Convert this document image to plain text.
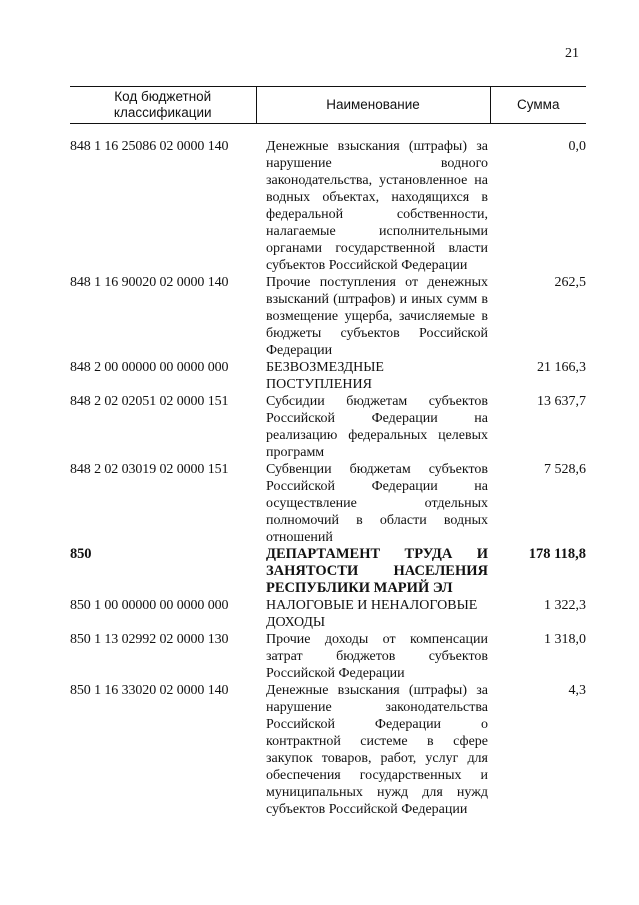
21
Код бюджетной классификации	Наименование	Сумма

848 1 16 25086 02 0000 140	Денежные взыскания (штрафы) за нарушение водного законодательства, установленное на водных объектах, находящихся в федеральной собственности, налагаемые исполнительными органами государственной власти субъектов Российской Федерации	0,0
848 1 16 90020 02 0000 140	Прочие поступления от денежных взысканий (штрафов) и иных сумм в возмещение ущерба, зачисляемые в бюджеты субъектов Российской Федерации	262,5
848 2 00 00000 00 0000 000	БЕЗВОЗМЕЗДНЫЕ ПОСТУПЛЕНИЯ	21 166,3
848 2 02 02051 02 0000 151	Субсидии бюджетам субъектов Российской Федерации на реализацию федеральных целевых программ	13 637,7
848 2 02 03019 02 0000 151	Субвенции бюджетам субъектов Российской Федерации на осуществление отдельных полномочий в области водных отношений	7 528,6
850	ДЕПАРТАМЕНТ ТРУДА И ЗАНЯТОСТИ НАСЕЛЕНИЯ РЕСПУБЛИКИ МАРИЙ ЭЛ	178 118,8
850 1 00 00000 00 0000 000	НАЛОГОВЫЕ И НЕНАЛОГОВЫЕ ДОХОДЫ	1 322,3
850 1 13 02992 02 0000 130	Прочие доходы от компенсации затрат бюджетов субъектов Российской Федерации	1 318,0
850 1 16 33020 02 0000 140	Денежные взыскания (штрафы) за нарушение законодательства Российской Федерации о контрактной системе в сфере закупок товаров, работ, услуг для обеспечения государственных и муниципальных нужд для нужд субъектов Российской Федерации	4,3
